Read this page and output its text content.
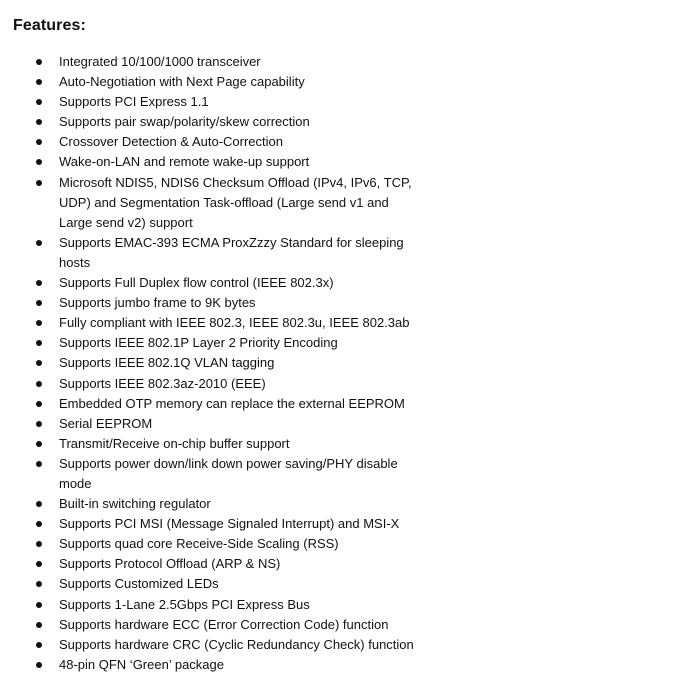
Features:
Integrated 10/100/1000 transceiver
Auto-Negotiation with Next Page capability
Supports PCI Express 1.1
Supports pair swap/polarity/skew correction
Crossover Detection & Auto-Correction
Wake-on-LAN and remote wake-up support
Microsoft NDIS5, NDIS6 Checksum Offload (IPv4, IPv6, TCP, UDP) and Segmentation Task-offload (Large send v1 and Large send v2) support
Supports EMAC-393 ECMA ProxZzzy Standard for sleeping hosts
Supports Full Duplex flow control (IEEE 802.3x)
Supports jumbo frame to 9K bytes
Fully compliant with IEEE 802.3, IEEE 802.3u, IEEE 802.3ab
Supports IEEE 802.1P Layer 2 Priority Encoding
Supports IEEE 802.1Q VLAN tagging
Supports IEEE 802.3az-2010 (EEE)
Embedded OTP memory can replace the external EEPROM
Serial EEPROM
Transmit/Receive on-chip buffer support
Supports power down/link down power saving/PHY disable mode
Built-in switching regulator
Supports PCI MSI (Message Signaled Interrupt) and MSI-X
Supports quad core Receive-Side Scaling (RSS)
Supports Protocol Offload (ARP & NS)
Supports Customized LEDs
Supports 1-Lane 2.5Gbps PCI Express Bus
Supports hardware ECC (Error Correction Code) function
Supports hardware CRC (Cyclic Redundancy Check) function
48-pin QFN ‘Green’ package
